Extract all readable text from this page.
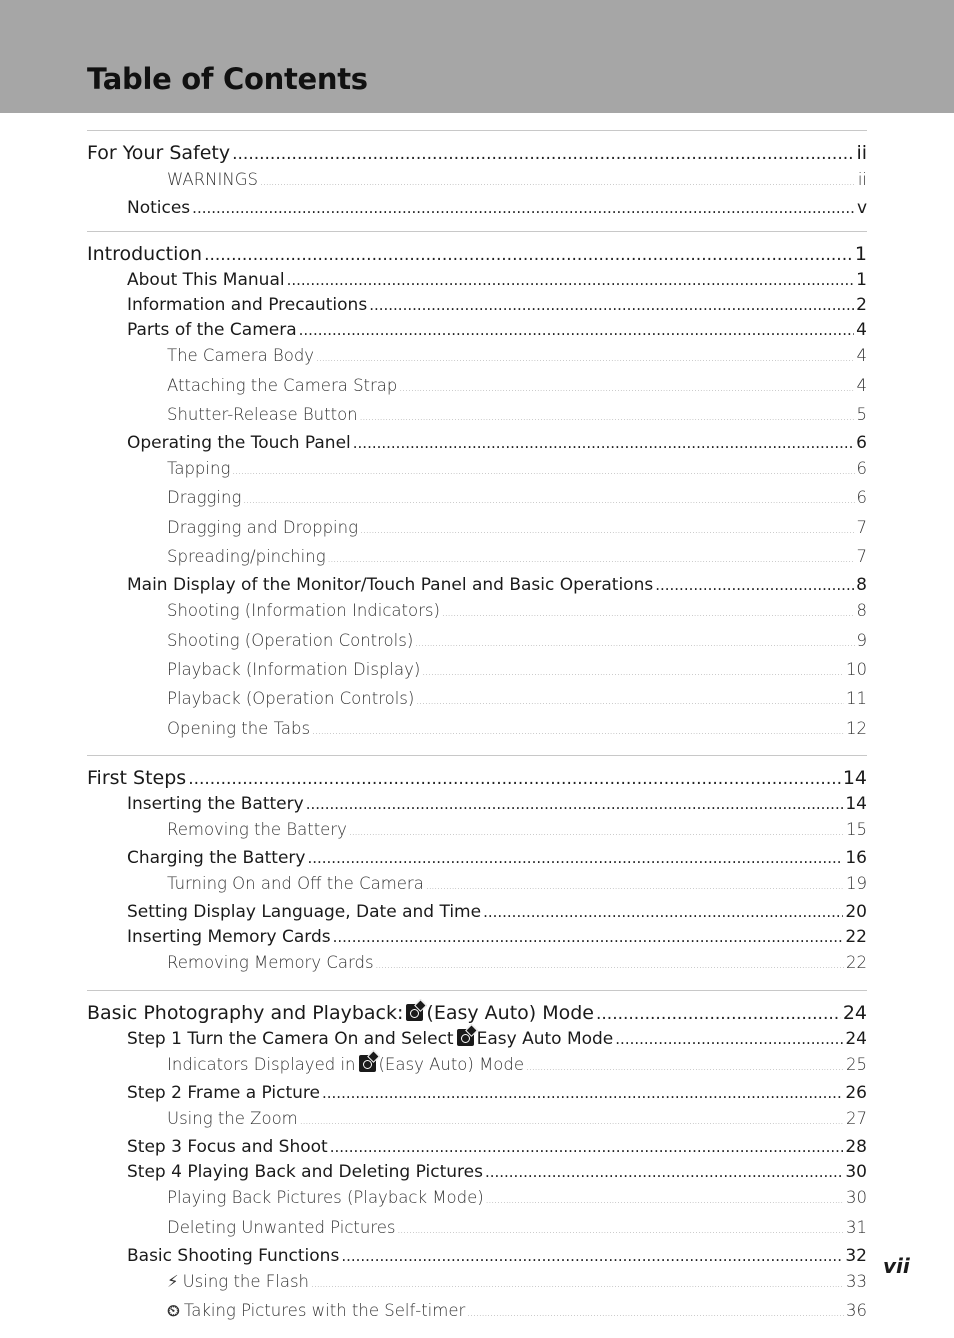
Table of Contents
For Your Safety .....	ii
WARNINGS .....	ii
Notices .....	v
Introduction .....	1
About This Manual .....	1
Information and Precautions .....	2
Parts of the Camera .....	4
The Camera Body .....	4
Attaching the Camera Strap .....	4
Shutter-Release Button .....	5
Operating the Touch Panel .....	6
Tapping .....	6
Dragging .....	6
Dragging and Dropping .....	7
Spreading/pinching .....	7
Main Display of the Monitor/Touch Panel and Basic Operations .....	8
Shooting (Information Indicators) .....	8
Shooting (Operation Controls) .....	9
Playback (Information Display) .....	10
Playback (Operation Controls) .....	11
Opening the Tabs .....	12
First Steps .....	14
Inserting the Battery .....	14
Removing the Battery .....	15
Charging the Battery .....	16
Turning On and Off the Camera .....	19
Setting Display Language, Date and Time .....	20
Inserting Memory Cards .....	22
Removing Memory Cards .....	22
Basic Photography and Playback: (Easy Auto) Mode .....	24
Step 1 Turn the Camera On and Select Easy Auto Mode .....	24
Indicators Displayed in (Easy Auto) Mode .....	25
Step 2 Frame a Picture .....	26
Using the Zoom .....	27
Step 3 Focus and Shoot .....	28
Step 4 Playing Back and Deleting Pictures .....	30
Playing Back Pictures (Playback Mode) .....	30
Deleting Unwanted Pictures .....	31
Basic Shooting Functions .....	32
⚡ Using the Flash .....	33
⏲ Taking Pictures with the Self-timer .....	36
vii
